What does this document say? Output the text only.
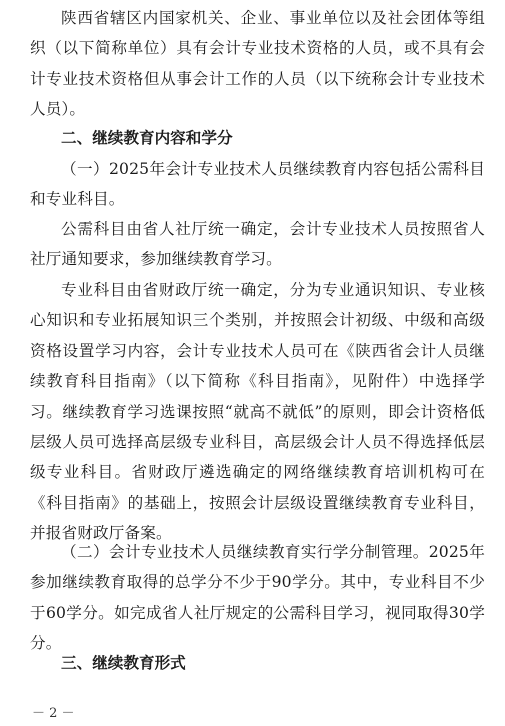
陕西省辖区内国家机关、企业、事业单位以及社会团体等组织（以下简称单位）具有会计专业技术资格的人员，或不具有会计专业技术资格但从事会计工作的人员（以下统称会计专业技术人员）。

二、继续教育内容和学分

（一）2025年会计专业技术人员继续教育内容包括公需科目和专业科目。

公需科目由省人社厅统一确定，会计专业技术人员按照省人社厅通知要求，参加继续教育学习。

专业科目由省财政厅统一确定，分为专业通识知识、专业核心知识和专业拓展知识三个类别，并按照会计初级、中级和高级资格设置学习内容，会计专业技术人员可在《陕西省会计人员继续教育科目指南》（以下简称《科目指南》，见附件）中选择学习。继续教育学习选课按照“就高不就低”的原则，即会计资格低层级人员可选择高层级专业科目，高层级会计人员不得选择低层级专业科目。省财政厅遴选确定的网络继续教育培训机构可在《科目指南》的基础上，按照会计层级设置继续教育专业科目，并报省财政厅备案。

（二）会计专业技术人员继续教育实行学分制管理。2025年参加继续教育取得的总学分不少于90学分。其中，专业科目不少于60学分。如完成省人社厅规定的公需科目学习，视同取得30学分。

三、继续教育形式
－ 2 －
